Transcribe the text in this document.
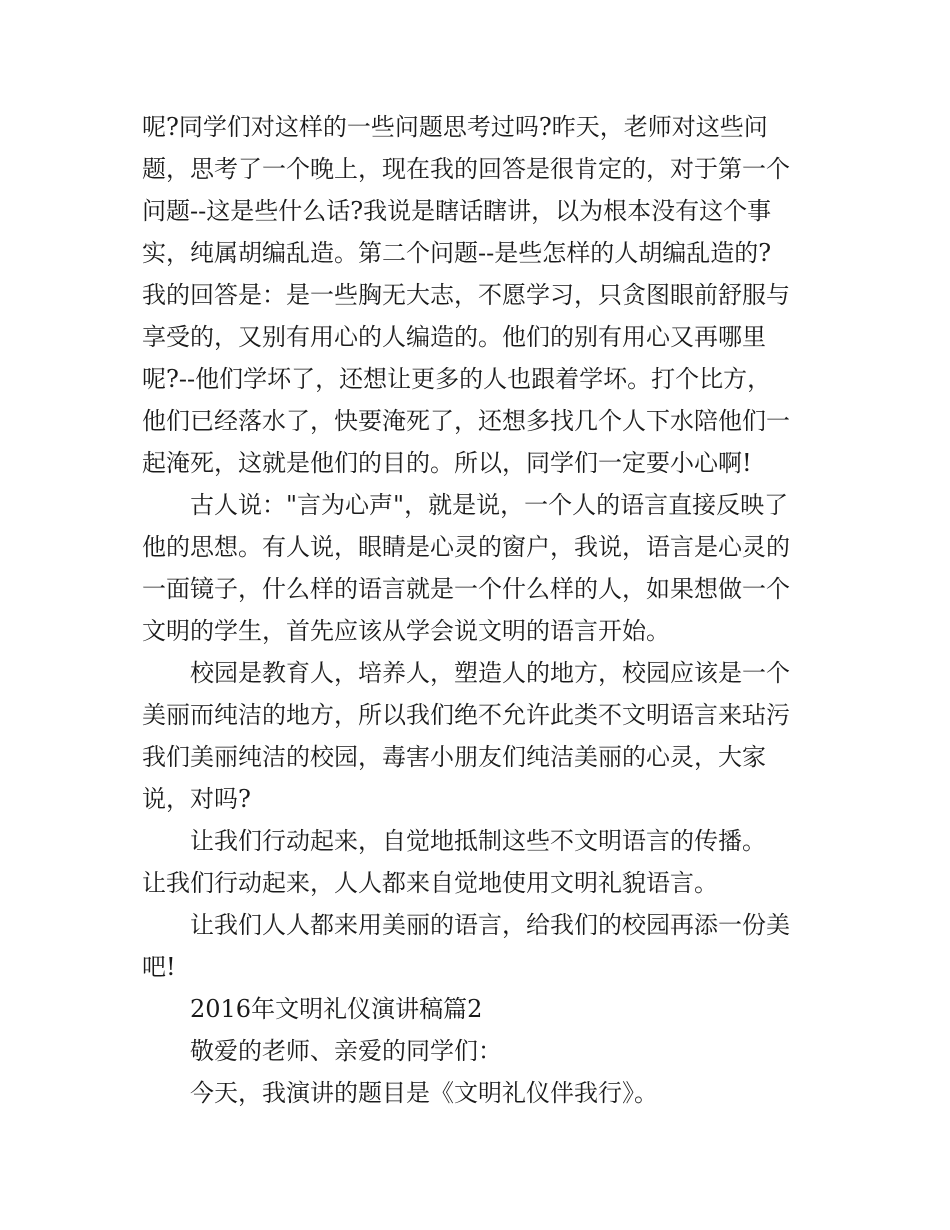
呢?同学们对这样的一些问题思考过吗?昨天，老师对这些问
题，思考了一个晚上，现在我的回答是很肯定的，对于第一个
问题--这是些什么话?我说是瞎话瞎讲，以为根本没有这个事
实，纯属胡编乱造。第二个问题--是些怎样的人胡编乱造的?
我的回答是：是一些胸无大志，不愿学习，只贪图眼前舒服与
享受的，又别有用心的人编造的。他们的别有用心又再哪里
呢?--他们学坏了，还想让更多的人也跟着学坏。打个比方，
他们已经落水了，快要淹死了，还想多找几个人下水陪他们一
起淹死，这就是他们的目的。所以，同学们一定要小心啊!
古人说："言为心声"，就是说，一个人的语言直接反映了
他的思想。有人说，眼睛是心灵的窗户，我说，语言是心灵的
一面镜子，什么样的语言就是一个什么样的人，如果想做一个
文明的学生，首先应该从学会说文明的语言开始。
校园是教育人，培养人，塑造人的地方，校园应该是一个
美丽而纯洁的地方，所以我们绝不允许此类不文明语言来玷污
我们美丽纯洁的校园，毒害小朋友们纯洁美丽的心灵，大家
说，对吗?
让我们行动起来，自觉地抵制这些不文明语言的传播。
让我们行动起来，人人都来自觉地使用文明礼貌语言。
让我们人人都来用美丽的语言，给我们的校园再添一份美
吧!
2016年文明礼仪演讲稿篇2
敬爱的老师、亲爱的同学们：
今天，我演讲的题目是《文明礼仪伴我行》。
